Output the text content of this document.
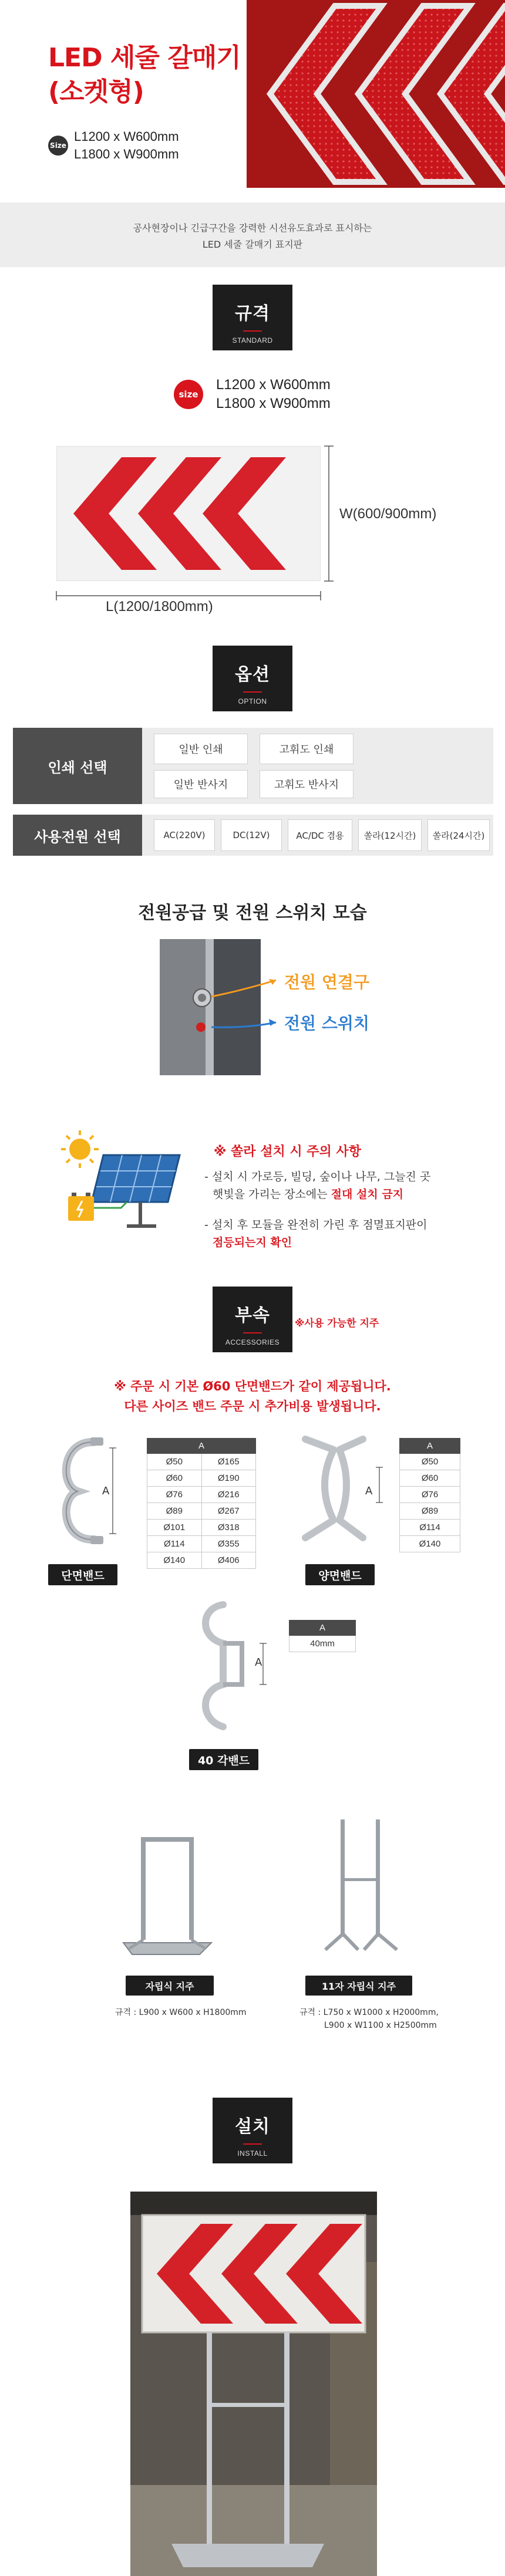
LED 세줄 갈매기
(소켓형)
Size
L1200 x W600mm
L1800 x W900mm
공사현장이나 긴급구간을 강력한 시선유도효과로 표시하는
LED 세줄 갈매기 표지판
규격
STANDARD
size
L1200 x W600mm
L1800 x W900mm
W(600/900mm)
L(1200/1800mm)
옵션
OPTION
인쇄 선택
일반 인쇄	고휘도 인쇄
일반 반사지	고휘도 반사지
사용전원 선택	AC(220V)	DC(12V)	AC/DC 겸용	쏠라(12시간)	쏠라(24시간)
전원공급 및 전원 스위치 모습
전원 연결구
전원 스위치
※ 쏠라 설치 시 주의 사항
- 설치 시 가로등, 빌딩, 숲이나 나무, 그늘진 곳
햇빛을 가리는 장소에는 절대 설치 금지
- 설치 후 모듈을 완전히 가린 후 점멸표지판이
점등되는지 확인
부속
ACCESSORIES
※사용 가능한 지주
※ 주문 시 기본 Ø60 단면밴드가 같이 제공됩니다.
다른 사이즈 밴드 주문 시 추가비용 발생됩니다.
A
단면밴드
A	
Ø50	Ø165
Ø60	Ø190
Ø76	Ø216
Ø89	Ø267
Ø101	Ø318
Ø114	Ø355
Ø140	Ø406
A
양면밴드
A
Ø50
Ø60
Ø76
Ø89
Ø114
Ø140
A
40 각밴드
A
40mm
자립식 지주
규격 : L900 x W600 x H1800mm
11자 자립식 지주
규격 : L750 x W1000 x H2000mm,
L900 x W1100 x H2500mm
설치
INSTALL
